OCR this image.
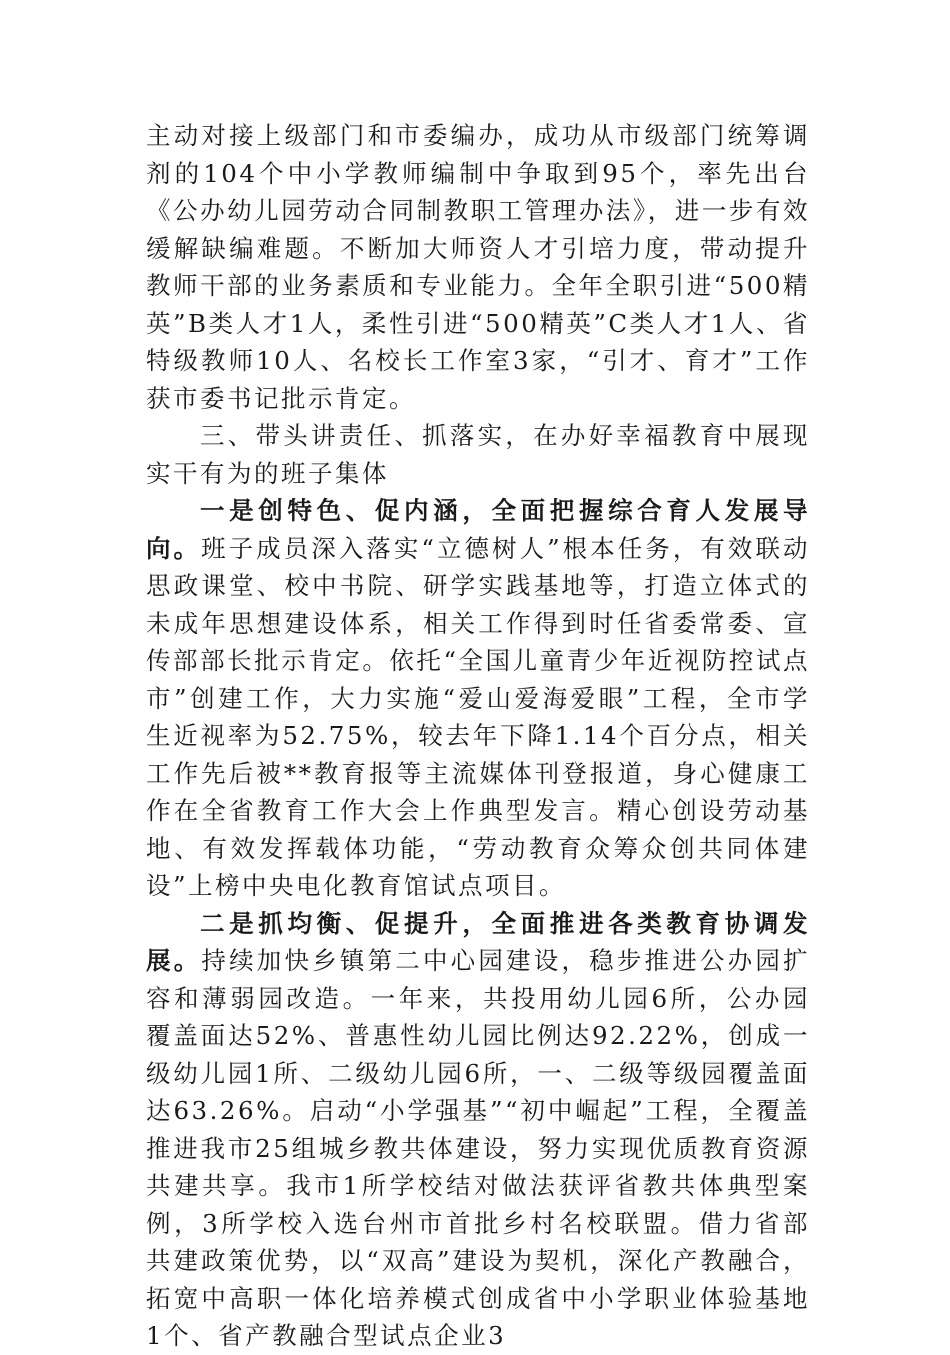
主动对接上级部门和市委编办，成功从市级部门统筹调剂的104个中小学教师编制中争取到95个，率先出台《公办幼儿园劳动合同制教职工管理办法》，进一步有效缓解缺编难题。不断加大师资人才引培力度，带动提升教师干部的业务素质和专业能力。全年全职引进“500精英”B类人才1人，柔性引进“500精英”C类人才1人、省特级教师10人、名校长工作室3家，“引才、育才”工作获市委书记批示肯定。

三、带头讲责任、抓落实，在办好幸福教育中展现实干有为的班子集体

一是创特色、促内涵，全面把握综合育人发展导向。班子成员深入落实“立德树人”根本任务，有效联动思政课堂、校中书院、研学实践基地等，打造立体式的未成年思想建设体系，相关工作得到时任省委常委、宣传部部长批示肯定。依托“全国儿童青少年近视防控试点市”创建工作，大力实施“爱山爱海爱眼”工程，全市学生近视率为52.75%，较去年下降1.14个百分点，相关工作先后被**教育报等主流媒体刊登报道，身心健康工作在全省教育工作大会上作典型发言。精心创设劳动基地、有效发挥载体功能，“劳动教育众筹众创共同体建设”上榜中央电化教育馆试点项目。

二是抓均衡、促提升，全面推进各类教育协调发展。持续加快乡镇第二中心园建设，稳步推进公办园扩容和薄弱园改造。一年来，共投用幼儿园6所，公办园覆盖面达52%、普惠性幼儿园比例达92.22%，创成一级幼儿园1所、二级幼儿园6所，一、二级等级园覆盖面达63.26%。启动“小学强基”“初中崛起”工程，全覆盖推进我市25组城乡教共体建设，努力实现优质教育资源共建共享。我市1所学校结对做法获评省教共体典型案例，3所学校入选台州市首批乡村名校联盟。借力省部共建政策优势，以“双高”建设为契机，深化产教融合，拓宽中高职一体化培养模式创成省中小学职业体验基地1个、省产教融合型试点企业3
